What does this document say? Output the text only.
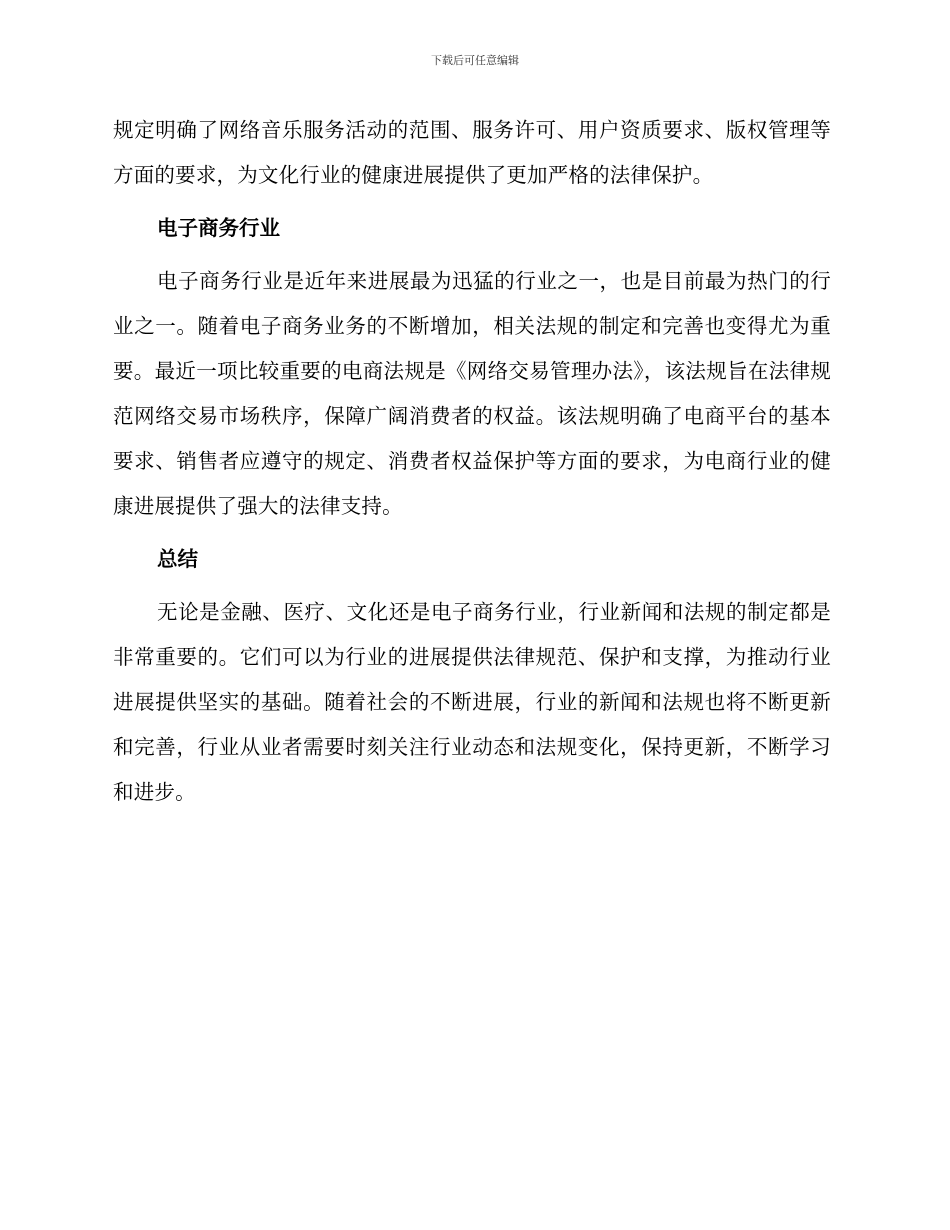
下载后可任意编辑

规定明确了网络音乐服务活动的范围、服务许可、用户资质要求、版权管理等方面的要求，为文化行业的健康进展提供了更加严格的法律保护。

电子商务行业

电子商务行业是近年来进展最为迅猛的行业之一，也是目前最为热门的行业之一。随着电子商务业务的不断增加，相关法规的制定和完善也变得尤为重要。最近一项比较重要的电商法规是《网络交易管理办法》，该法规旨在法律规范网络交易市场秩序，保障广阔消费者的权益。该法规明确了电商平台的基本要求、销售者应遵守的规定、消费者权益保护等方面的要求，为电商行业的健康进展提供了强大的法律支持。

总结

无论是金融、医疗、文化还是电子商务行业，行业新闻和法规的制定都是非常重要的。它们可以为行业的进展提供法律规范、保护和支撑，为推动行业进展提供坚实的基础。随着社会的不断进展，行业的新闻和法规也将不断更新和完善，行业从业者需要时刻关注行业动态和法规变化，保持更新，不断学习和进步。
